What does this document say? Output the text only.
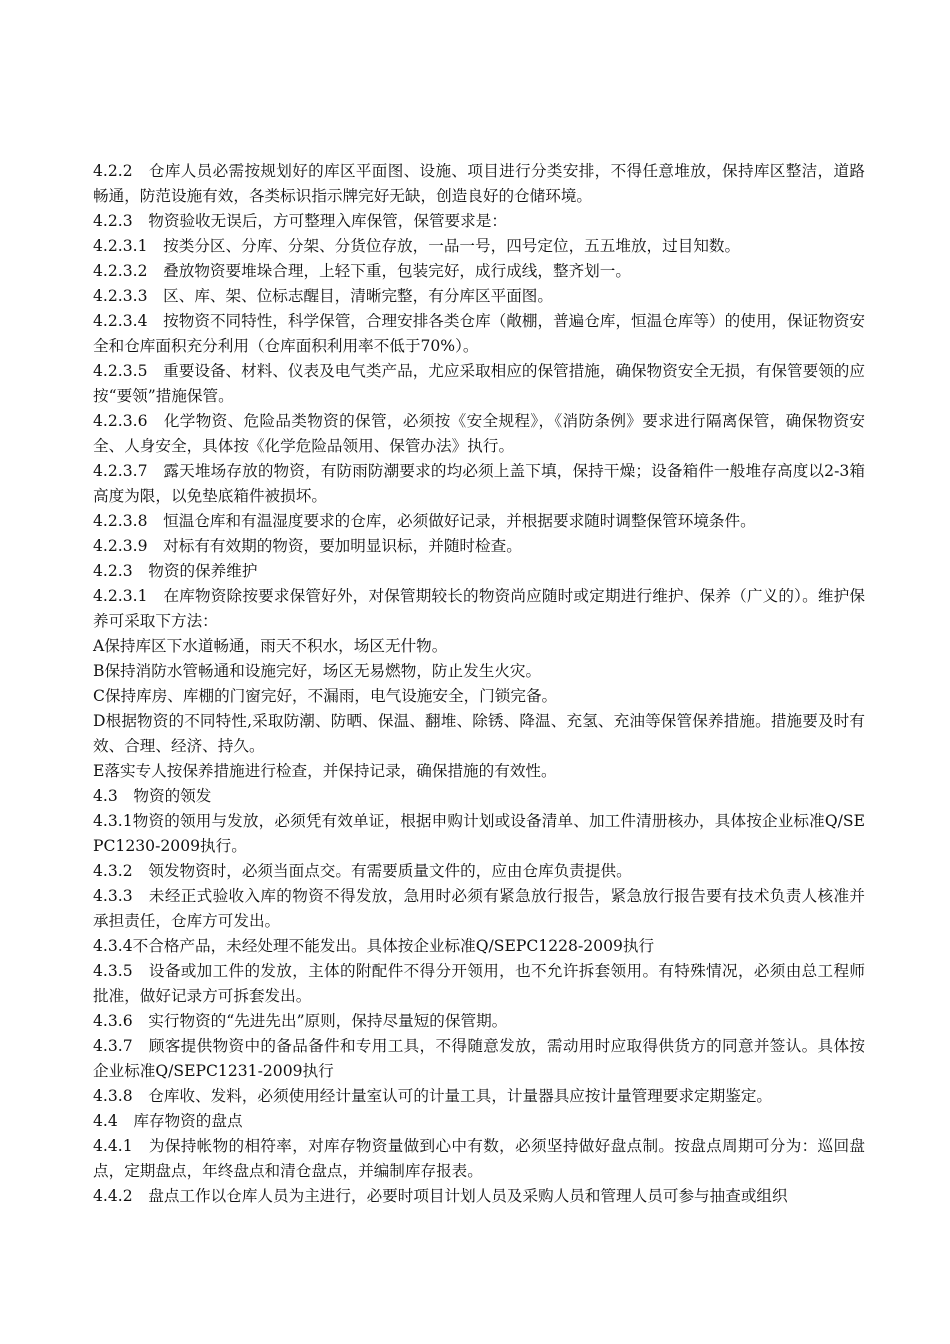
4.2.2　仓库人员必需按规划好的库区平面图、设施、项目进行分类安排，不得任意堆放，保持库区整洁，道路畅通，防范设施有效，各类标识指示牌完好无缺，创造良好的仓储环境。

4.2.3　物资验收无误后，方可整理入库保管，保管要求是：

4.2.3.1　按类分区、分库、分架、分货位存放，一品一号，四号定位，五五堆放，过目知数。

4.2.3.2　叠放物资要堆垛合理，上轻下重，包装完好，成行成线，整齐划一。

4.2.3.3　区、库、架、位标志醒目，清晰完整，有分库区平面图。

4.2.3.4　按物资不同特性，科学保管，合理安排各类仓库（敞棚，普遍仓库，恒温仓库等）的使用，保证物资安全和仓库面积充分利用（仓库面积利用率不低于70%）。

4.2.3.5　重要设备、材料、仪表及电气类产品，尤应采取相应的保管措施，确保物资安全无损，有保管要领的应按“要领”措施保管。

4.2.3.6　化学物资、危险品类物资的保管，必须按《安全规程》，《消防条例》要求进行隔离保管，确保物资安全、人身安全，具体按《化学危险品领用、保管办法》执行。

4.2.3.7　露天堆场存放的物资，有防雨防潮要求的均必须上盖下填，保持干燥；设备箱件一般堆存高度以2-3箱高度为限，以免垫底箱件被损坏。

4.2.3.8　恒温仓库和有温湿度要求的仓库，必须做好记录，并根据要求随时调整保管环境条件。

4.2.3.9　对标有有效期的物资，要加明显识标，并随时检查。

4.2.3　物资的保养维护

4.2.3.1　在库物资除按要求保管好外，对保管期较长的物资尚应随时或定期进行维护、保养（广义的）。维护保养可采取下方法：

A保持库区下水道畅通，雨天不积水，场区无什物。

B保持消防水管畅通和设施完好，场区无易燃物，防止发生火灾。

C保持库房、库棚的门窗完好，不漏雨，电气设施安全，门锁完备。

D根据物资的不同特性,采取防潮、防晒、保温、翻堆、除锈、降温、充氢、充油等保管保养措施。措施要及时有效、合理、经济、持久。

E落实专人按保养措施进行检查，并保持记录，确保措施的有效性。

4.3　物资的领发

4.3.1物资的领用与发放，必须凭有效单证，根据申购计划或设备清单、加工件清册核办，具体按企业标准Q/SEPC1230-2009执行。

4.3.2　领发物资时，必须当面点交。有需要质量文件的，应由仓库负责提供。

4.3.3　未经正式验收入库的物资不得发放，急用时必须有紧急放行报告，紧急放行报告要有技术负责人核准并承担责任，仓库方可发出。

4.3.4不合格产品，未经处理不能发出。具体按企业标准Q/SEPC1228-2009执行

4.3.5　设备或加工件的发放，主体的附配件不得分开领用，也不允许拆套领用。有特殊情况，必须由总工程师批准，做好记录方可拆套发出。

4.3.6　实行物资的“先进先出”原则，保持尽量短的保管期。

4.3.7　顾客提供物资中的备品备件和专用工具，不得随意发放，需动用时应取得供货方的同意并签认。具体按企业标准Q/SEPC1231-2009执行

4.3.8　仓库收、发料，必须使用经计量室认可的计量工具，计量器具应按计量管理要求定期鉴定。

4.4　库存物资的盘点

4.4.1　为保持帐物的相符率，对库存物资量做到心中有数，必须坚持做好盘点制。按盘点周期可分为：巡回盘点，定期盘点，年终盘点和清仓盘点，并编制库存报表。

4.4.2　盘点工作以仓库人员为主进行，必要时项目计划人员及采购人员和管理人员可参与抽查或组织
